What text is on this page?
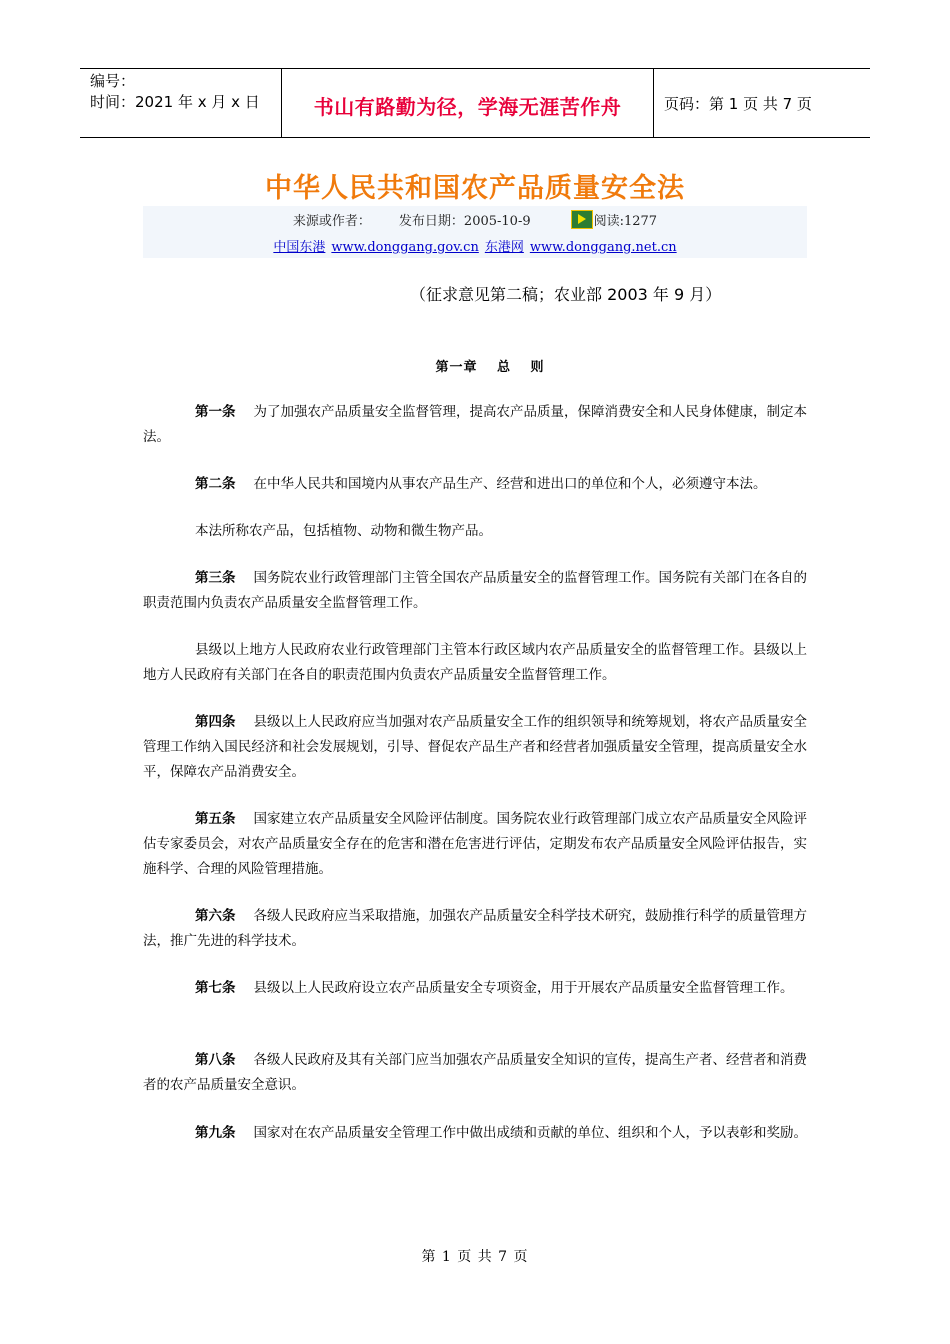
编号：
时间：2021 年 x 月 x 日	书山有路勤为径，学海无涯苦作舟	页码：第 1 页 共 7 页
中华人民共和国农产品质量安全法
来源或作者： 发布日期：2005-10-9	阅读:1277
中国东港 www.donggang.gov.cn 东港网 www.donggang.net.cn
（征求意见第二稿；农业部 2003 年 9 月）
第一章　 总　 则
第一条 为了加强农产品质量安全监督管理，提高农产品质量，保障消费安全和人民身体健康，制定本法。
第二条 在中华人民共和国境内从事农产品生产、经营和进出口的单位和个人，必须遵守本法。
本法所称农产品，包括植物、动物和微生物产品。
第三条 国务院农业行政管理部门主管全国农产品质量安全的监督管理工作。国务院有关部门在各自的职责范围内负责农产品质量安全监督管理工作。
县级以上地方人民政府农业行政管理部门主管本行政区域内农产品质量安全的监督管理工作。县级以上地方人民政府有关部门在各自的职责范围内负责农产品质量安全监督管理工作。
第四条 县级以上人民政府应当加强对农产品质量安全工作的组织领导和统筹规划，将农产品质量安全管理工作纳入国民经济和社会发展规划，引导、督促农产品生产者和经营者加强质量安全管理，提高质量安全水平，保障农产品消费安全。
第五条 国家建立农产品质量安全风险评估制度。国务院农业行政管理部门成立农产品质量安全风险评估专家委员会，对农产品质量安全存在的危害和潜在危害进行评估，定期发布农产品质量安全风险评估报告，实施科学、合理的风险管理措施。
第六条 各级人民政府应当采取措施，加强农产品质量安全科学技术研究，鼓励推行科学的质量管理方法，推广先进的科学技术。
第七条 县级以上人民政府设立农产品质量安全专项资金，用于开展农产品质量安全监督管理工作。
第八条 各级人民政府及其有关部门应当加强农产品质量安全知识的宣传，提高生产者、经营者和消费者的农产品质量安全意识。
第九条 国家对在农产品质量安全管理工作中做出成绩和贡献的单位、组织和个人，予以表彰和奖励。
第 1 页 共 7 页
